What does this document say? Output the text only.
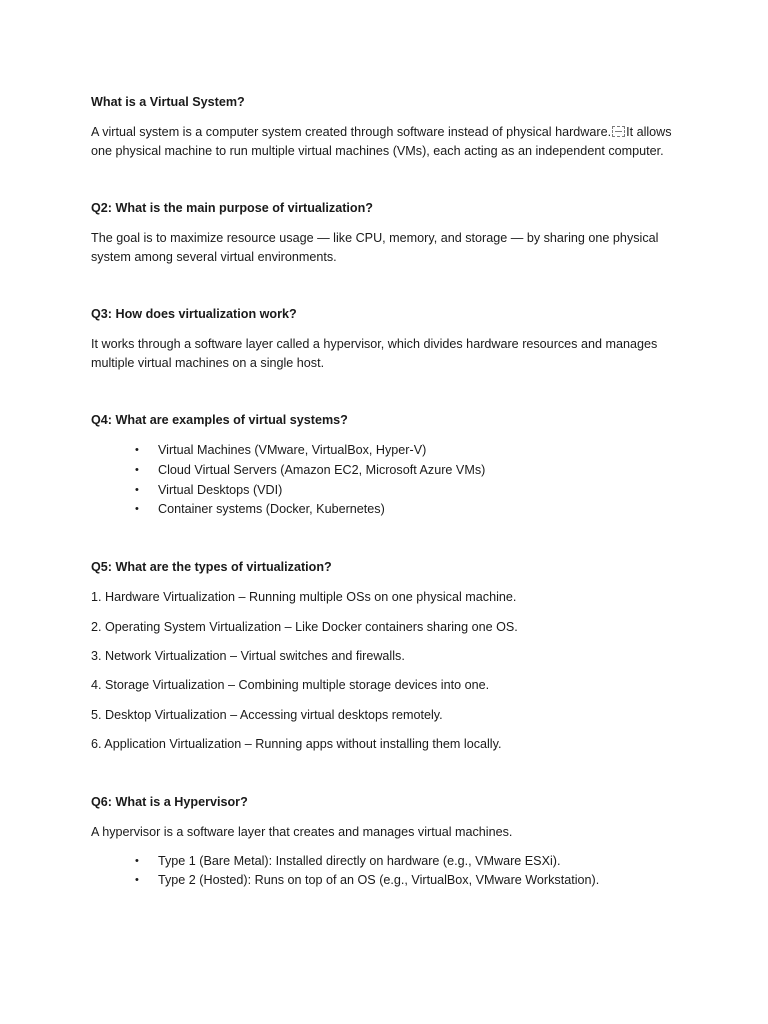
What is a Virtual System?
A virtual system is a computer system created through software instead of physical hardware. It allows
one physical machine to run multiple virtual machines (VMs), each acting as an independent computer.
Q2: What is the main purpose of virtualization?
The goal is to maximize resource usage — like CPU, memory, and storage — by sharing one physical
system among several virtual environments.
Q3: How does virtualization work?
It works through a software layer called a hypervisor, which divides hardware resources and manages
multiple virtual machines on a single host.
Q4: What are examples of virtual systems?
• Virtual Machines (VMware, VirtualBox, Hyper-V)
• Cloud Virtual Servers (Amazon EC2, Microsoft Azure VMs)
• Virtual Desktops (VDI)
• Container systems (Docker, Kubernetes)
Q5: What are the types of virtualization?
1. Hardware Virtualization – Running multiple OSs on one physical machine.
2. Operating System Virtualization – Like Docker containers sharing one OS.
3. Network Virtualization – Virtual switches and firewalls.
4. Storage Virtualization – Combining multiple storage devices into one.
5. Desktop Virtualization – Accessing virtual desktops remotely.
6. Application Virtualization – Running apps without installing them locally.
Q6: What is a Hypervisor?
A hypervisor is a software layer that creates and manages virtual machines.
• Type 1 (Bare Metal): Installed directly on hardware (e.g., VMware ESXi).
• Type 2 (Hosted): Runs on top of an OS (e.g., VirtualBox, VMware Workstation).
